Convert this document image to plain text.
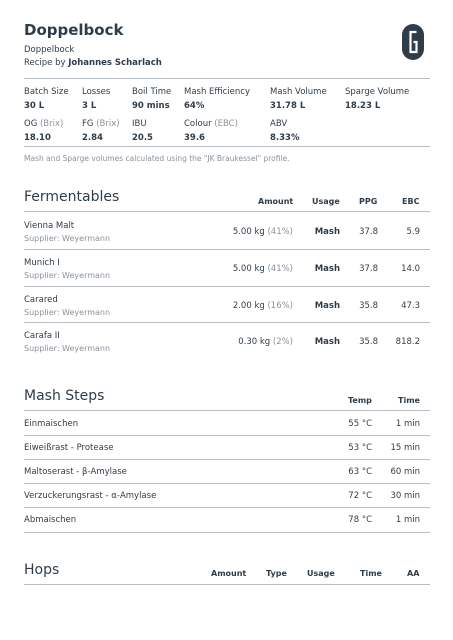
Doppelbock
Doppelbock
Recipe by Johannes Scharlach
Batch Size
30 L
Losses
3 L
Boil Time
90 mins
Mash Efficiency
64%
Mash Volume
31.78 L
Sparge Volume
18.23 L
OG (Brix)
18.10
FG (Brix)
2.84
IBU
20.5
Colour (EBC)
39.6
ABV
8.33%
Mash and Sparge volumes calculated using the "JK Braukessel" profile.
Fermentables	Amount Usage PPG	EBC
Vienna Malt
Supplier: Weyermann
5.00 kg (41%)	Mash 37.8	5.9
Munich I
Supplier: Weyermann
5.00 kg (41%)	Mash 37.8	14.0
Carared
Supplier: Weyermann
2.00 kg (16%)	Mash 35.8	47.3
Carafa II
Supplier: Weyermann
0.30 kg (2%)	Mash 35.8 818.2
Mash Steps	Temp	Time
Einmaischen	55 °C	1 min
Eiweißrast - Protease	53 °C 15 min
Maltoserast - β-Amylase	63 °C 60 min
Verzuckerungsrast - α-Amylase	72 °C 30 min
Abmaischen	78 °C	1 min
Hops	Amount Type	Usage	Time	AA
